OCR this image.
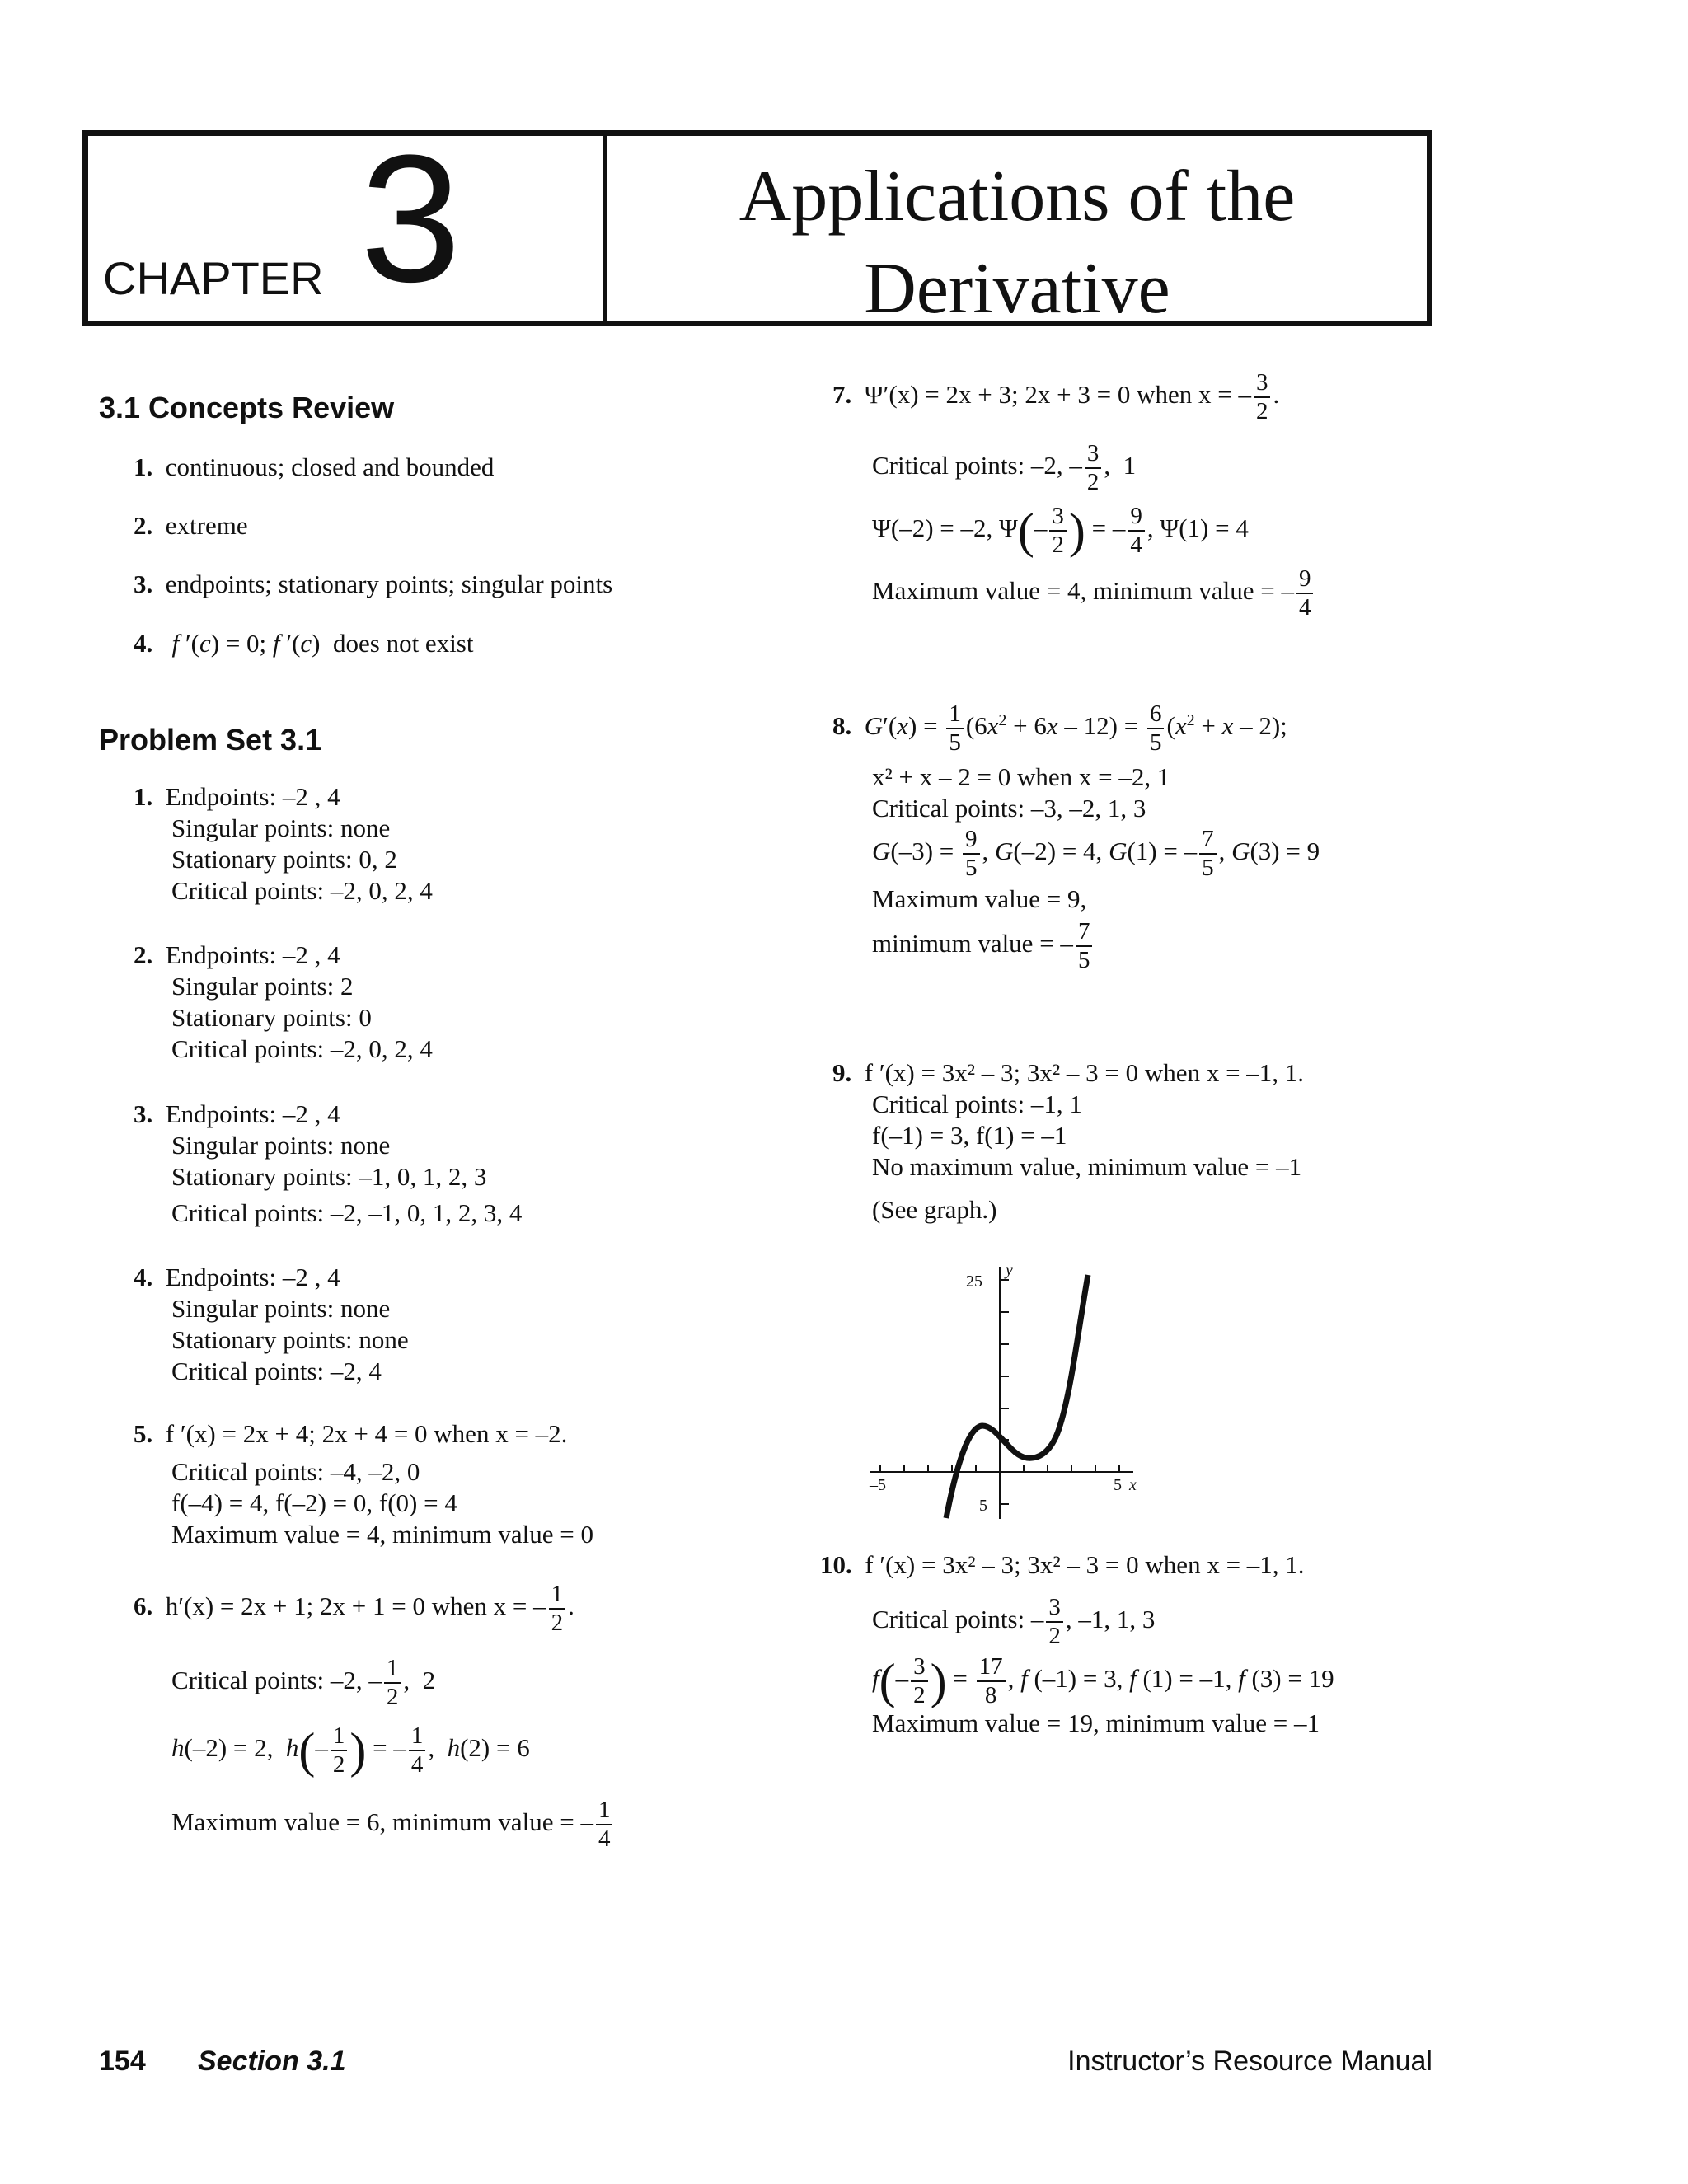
CHAPTER 3	Applications of the
Derivative
3.1 Concepts Review
1. continuous; closed and bounded
2. extreme
3. endpoints; stationary points; singular points
4. f ′(c) = 0; f ′(c)  does not exist
Problem Set 3.1
1. Endpoints: –2 , 4
Singular points: none
Stationary points: 0, 2
Critical points: –2, 0, 2, 4
2. Endpoints: –2 , 4
Singular points: 2
Stationary points: 0
Critical points: –2, 0, 2, 4
3. Endpoints: –2 , 4
Singular points: none
Stationary points: –1, 0, 1, 2, 3
Critical points: –2, –1, 0, 1, 2, 3, 4
4. Endpoints: –2 , 4
Singular points: none
Stationary points: none
Critical points: –2, 4
5. f ′(x) = 2x + 4; 2x + 4 = 0 when x = –2.
Critical points: –4, –2, 0
f(–4) = 4, f(–2) = 0, f(0) = 4
Maximum value = 4, minimum value = 0
6. h′(x) = 2x + 1; 2x + 1 = 0 when x = – $\frac{1}{2}$ .
Critical points: –2, – $\frac{1}{2}$ ,  2
h(–2) = 2,  $h(- \frac{1}{2}$ ) = – $\frac{1}{4}$ ,  h(2) = 6
Maximum value = 6, minimum value = – $\frac{1}{4}$
7. Ψ′(x) = 2x + 3; 2x + 3 = 0 when x = – $\frac{3}{2}$ .
Critical points: –2, – $\frac{3}{2}$ ,  1
Ψ(–2) = –2, $\Psi(- \frac{3}{2}$ ) = – $\frac{9}{4}$ , Ψ(1) = 4
Maximum value = 4, minimum value = – $\frac{9}{4}$
8. $G'(x) = \frac{1}{5} (6x^2 + 6x - 12) = \frac{6}{5} (x^2 + x - 2)$;
x² + x – 2 = 0 when x = –2, 1
Critical points: –3, –2, 1, 3
$G(-3) = \frac{9}{5}$ , G(–2) = 4, G(1) = – $\frac{7}{5}$ , G(3) = 9
Maximum value = 9,
minimum value = – $\frac{7}{5}$
9. f ′(x) = 3x² – 3; 3x² – 3 = 0 when x = –1, 1.
Critical points: –1, 1
f(–1) = 3, f(1) = –1
No maximum value, minimum value = –1
(See graph.)
y
25
–5
–5	5 x
10. f ′(x) = 3x² – 3; 3x² – 3 = 0 when x = –1, 1.
Critical points: – $\frac{3}{2}$ , –1, 1, 3
$f(- \frac{3}{2}$ ) = $\frac{17}{8}$ , f (–1) = 3, f (1) = –1, f (3) = 19
Maximum value = 19, minimum value = –1
154 Section 3.1	Instructor’s Resource Manual
